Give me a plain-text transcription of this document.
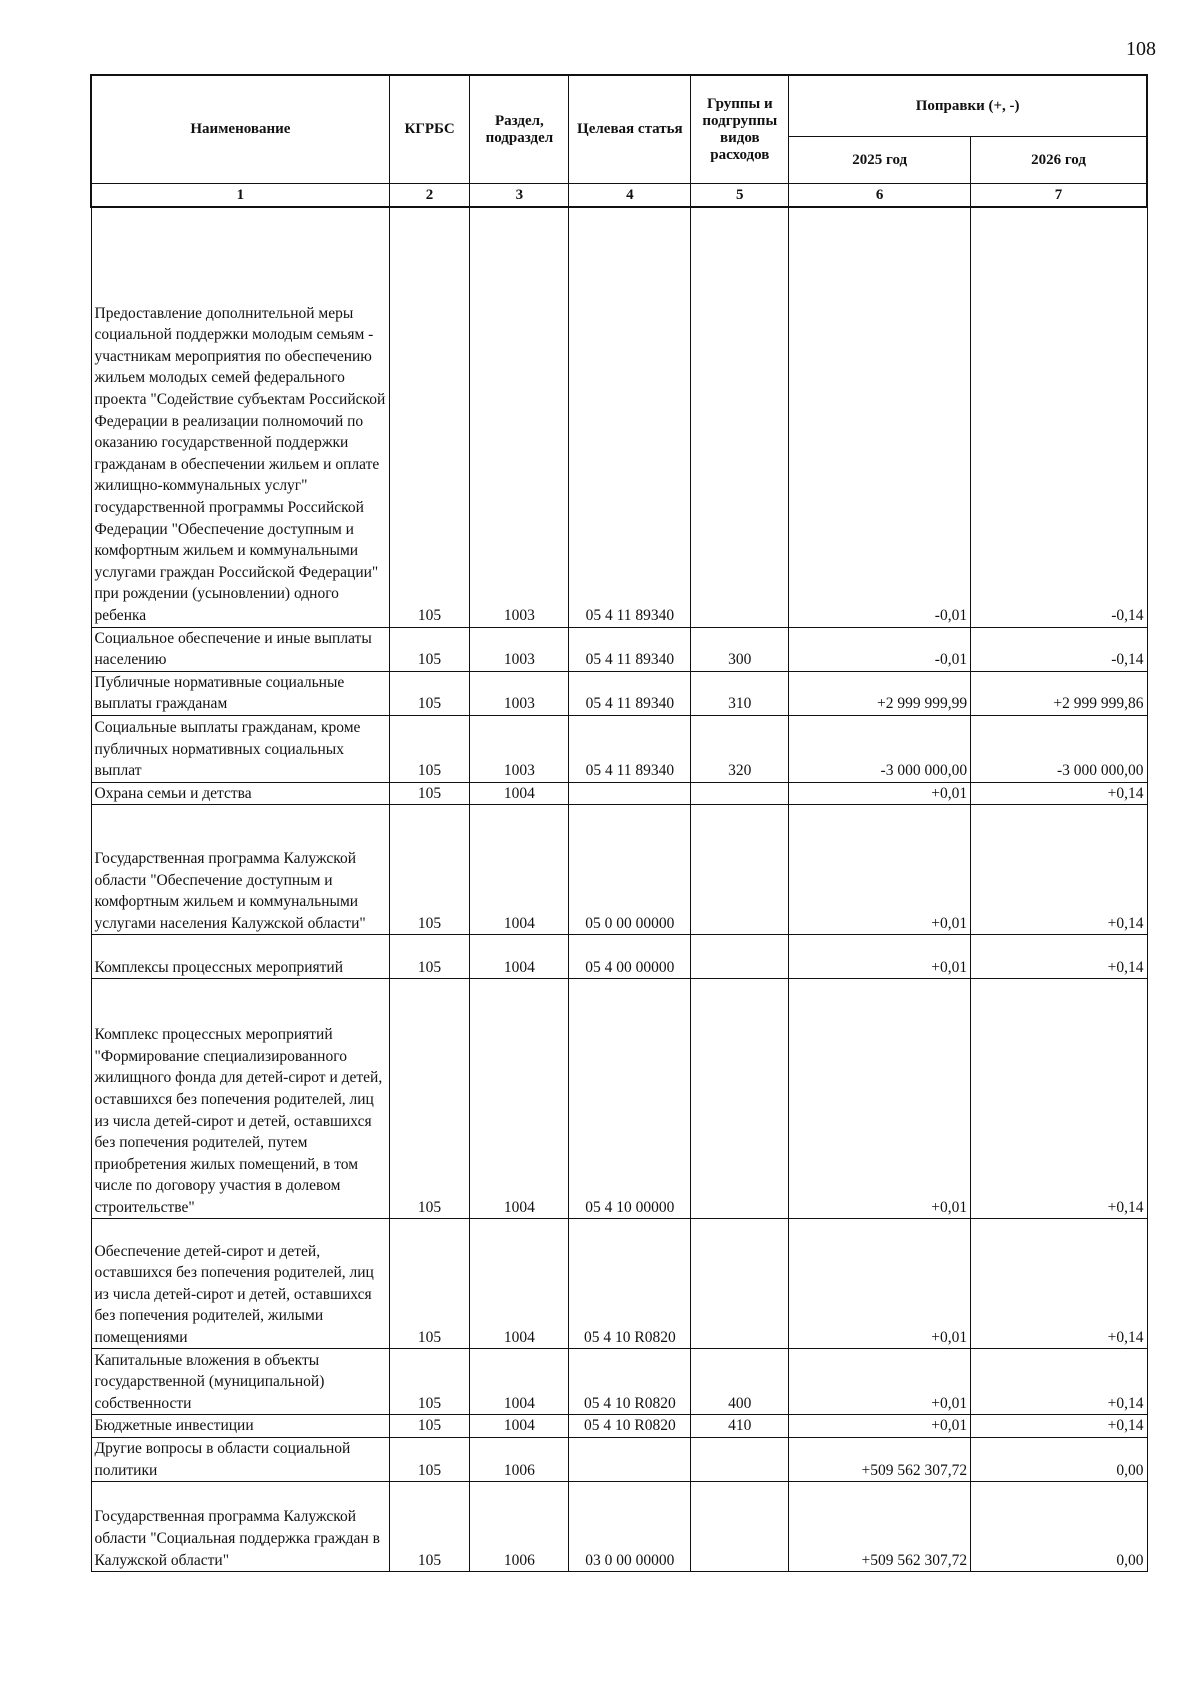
108
Наименование	КГРБС	Раздел, подраздел	Целевая статья	Группы и подгруппы видов расходов	Поправки (+, -)	
					2025 год	2026 год
1	2	3	4	5	6	7
Предоставление дополнительной меры социальной поддержки молодым семьям - участникам мероприятия по обеспечению жильем молодых семей федерального проекта "Содействие субъектам Российской Федерации в реализации полномочий по оказанию государственной поддержки гражданам в обеспечении жильем и оплате жилищно-коммунальных услуг" государственной программы Российской Федерации "Обеспечение доступным и комфортным жильем и коммунальными услугами граждан Российской Федерации" при рождении (усыновлении) одного ребенка	105	1003	05 4 11 89340		-0,01	-0,14
Социальное обеспечение и иные выплаты населению	105	1003	05 4 11 89340	300	-0,01	-0,14
Публичные нормативные социальные выплаты гражданам	105	1003	05 4 11 89340	310	+2 999 999,99	+2 999 999,86
Социальные выплаты гражданам, кроме публичных нормативных социальных выплат	105	1003	05 4 11 89340	320	-3 000 000,00	-3 000 000,00
Охрана семьи и детства	105	1004			+0,01	+0,14
Государственная программа Калужской области "Обеспечение доступным и комфортным жильем и коммунальными услугами населения Калужской области"	105	1004	05 0 00 00000		+0,01	+0,14
Комплексы процессных мероприятий	105	1004	05 4 00 00000		+0,01	+0,14
Комплекс процессных мероприятий "Формирование специализированного жилищного фонда для детей-сирот и детей, оставшихся без попечения родителей, лиц из числа детей-сирот и детей, оставшихся без попечения родителей, путем приобретения жилых помещений, в том числе по договору участия в долевом строительстве"	105	1004	05 4 10 00000		+0,01	+0,14
Обеспечение детей-сирот и детей, оставшихся без попечения родителей, лиц из числа детей-сирот и детей, оставшихся без попечения родителей, жилыми помещениями	105	1004	05 4 10 R0820		+0,01	+0,14
Капитальные вложения в объекты государственной (муниципальной) собственности	105	1004	05 4 10 R0820	400	+0,01	+0,14
Бюджетные инвестиции	105	1004	05 4 10 R0820	410	+0,01	+0,14
Другие вопросы в области социальной политики	105	1006			+509 562 307,72	0,00
Государственная программа Калужской области "Социальная поддержка граждан в Калужской области"	105	1006	03 0 00 00000		+509 562 307,72	0,00
